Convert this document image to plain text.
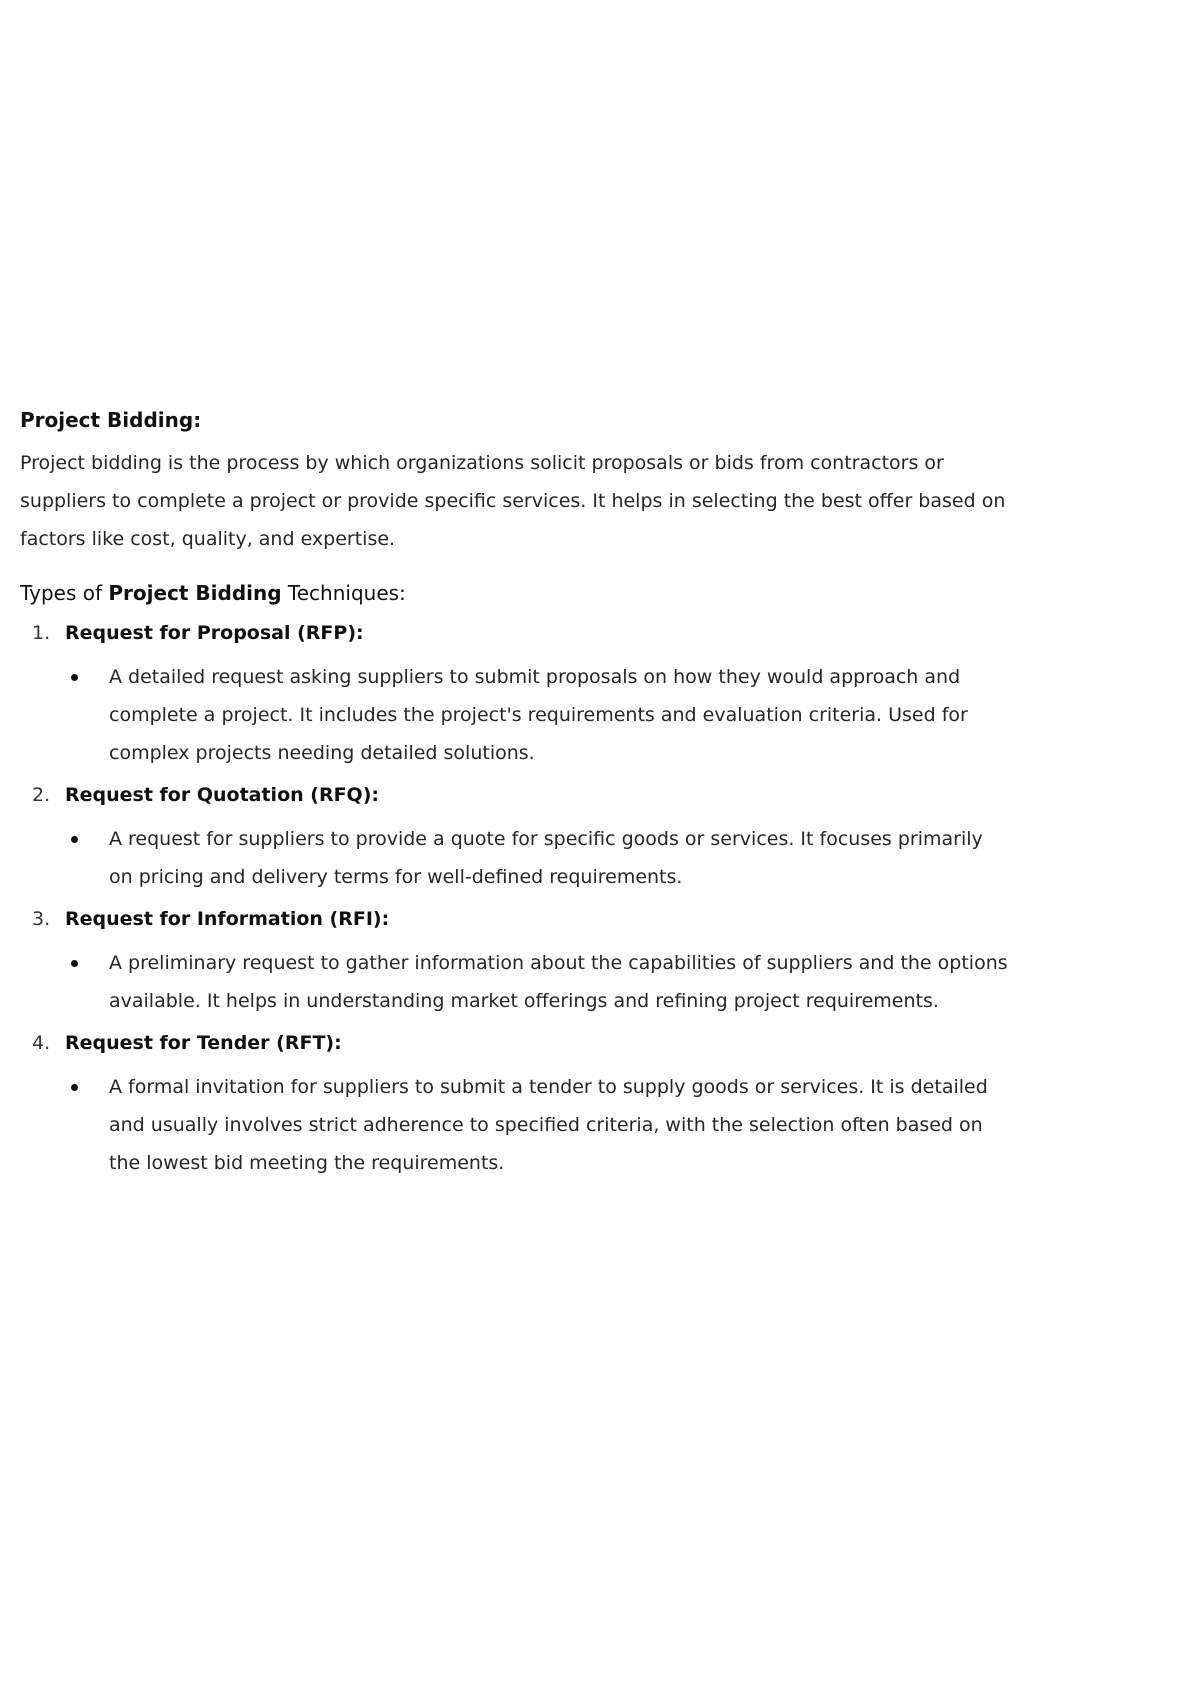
Project Bidding:

Project bidding is the process by which organizations solicit proposals or bids from contractors or suppliers to complete a project or provide specific services. It helps in selecting the best offer based on factors like cost, quality, and expertise.

Types of Project Bidding Techniques:
1. Request for Proposal (RFP):
A detailed request asking suppliers to submit proposals on how they would approach and complete a project. It includes the project's requirements and evaluation criteria. Used for complex projects needing detailed solutions.
2. Request for Quotation (RFQ):
A request for suppliers to provide a quote for specific goods or services. It focuses primarily on pricing and delivery terms for well-defined requirements.
3. Request for Information (RFI):
A preliminary request to gather information about the capabilities of suppliers and the options available. It helps in understanding market offerings and refining project requirements.
4. Request for Tender (RFT):
A formal invitation for suppliers to submit a tender to supply goods or services. It is detailed and usually involves strict adherence to specified criteria, with the selection often based on the lowest bid meeting the requirements.
